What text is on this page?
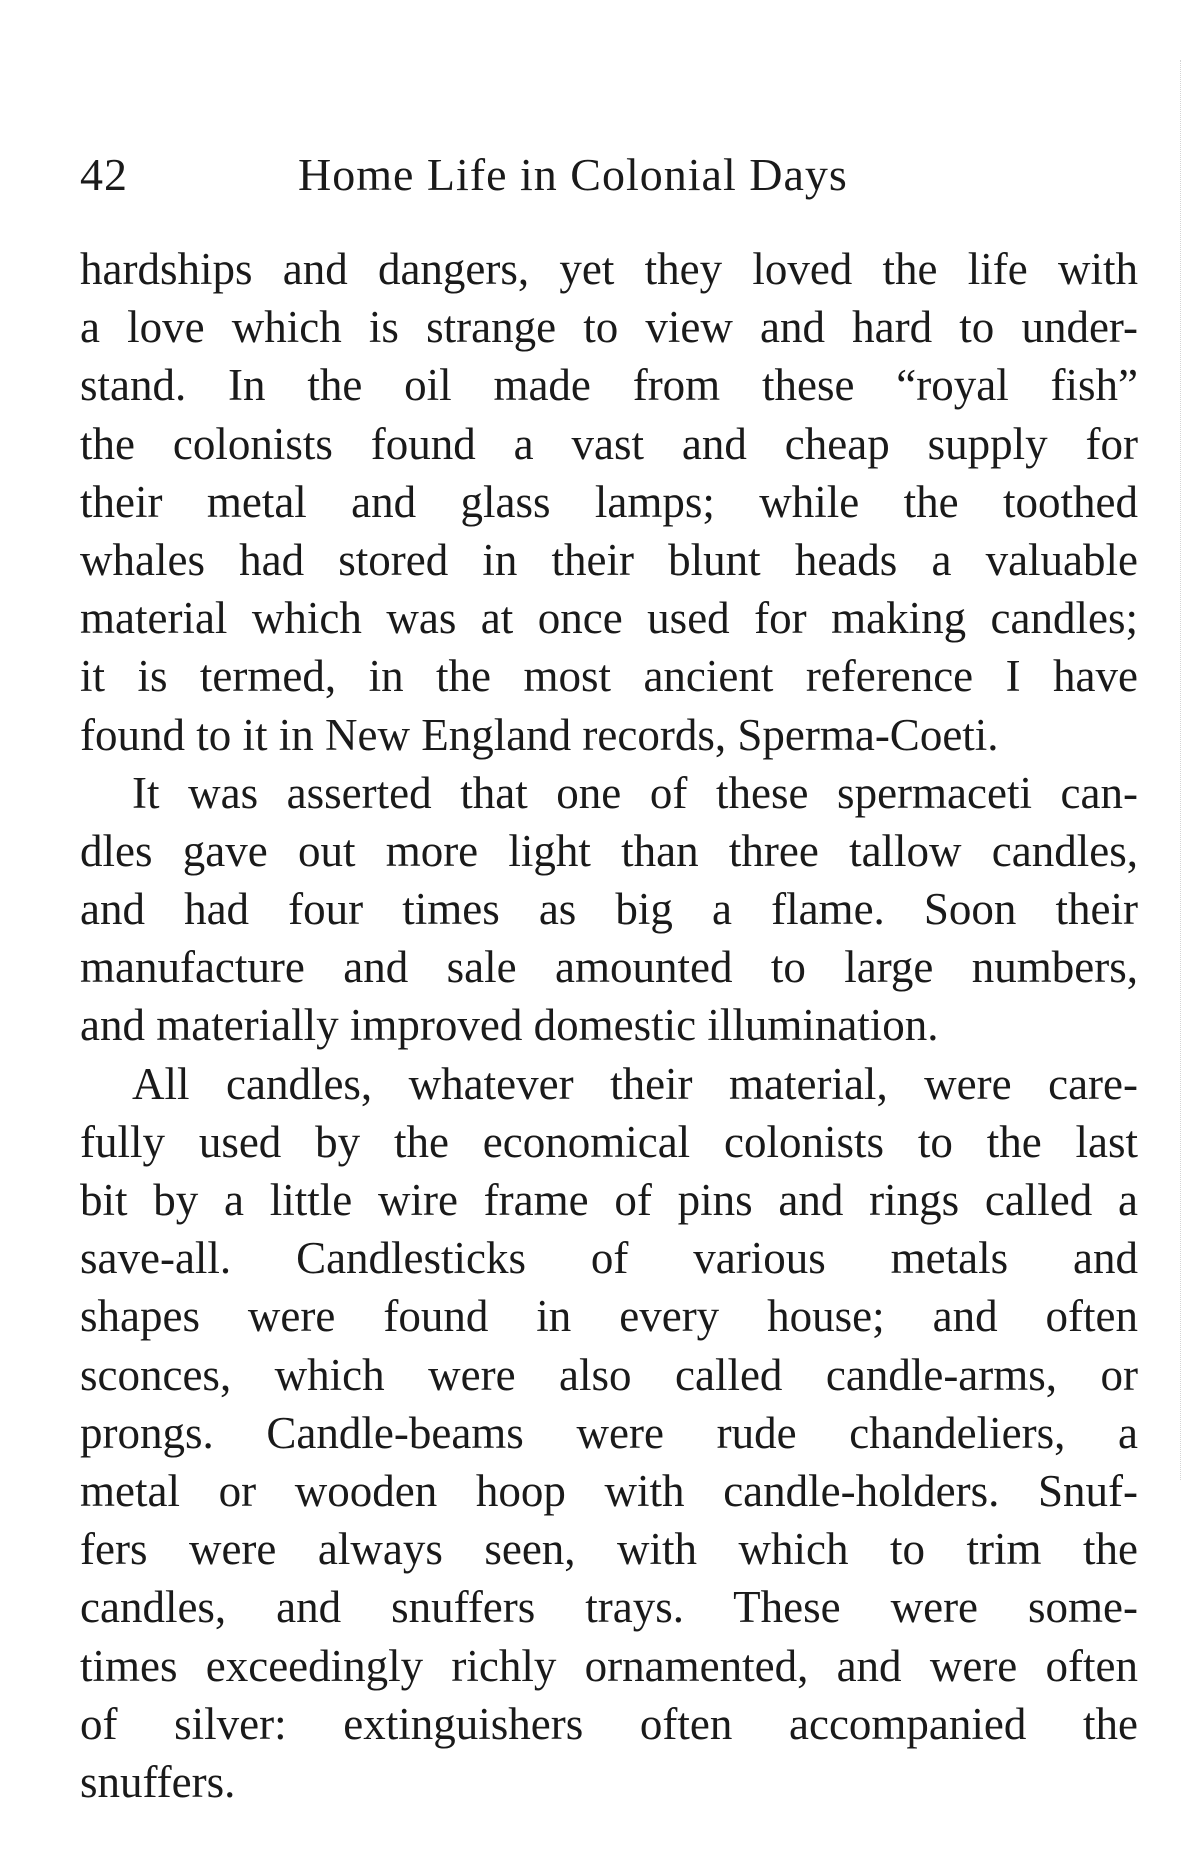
42	Home Life in Colonial Days
hardships and dangers, yet they loved the life with
a love which is strange to view and hard to under-
stand. In the oil made from these “royal fish”
the colonists found a vast and cheap supply for
their metal and glass lamps; while the toothed
whales had stored in their blunt heads a valuable
material which was at once used for making candles;
it is termed, in the most ancient reference I have
found to it in New England records, Sperma-Coeti.
It was asserted that one of these spermaceti can-
dles gave out more light than three tallow candles,
and had four times as big a flame. Soon their
manufacture and sale amounted to large numbers,
and materially improved domestic illumination.
All candles, whatever their material, were care-
fully used by the economical colonists to the last
bit by a little wire frame of pins and rings called a
save-all. Candlesticks of various metals and
shapes were found in every house; and often
sconces, which were also called candle-arms, or
prongs. Candle-beams were rude chandeliers, a
metal or wooden hoop with candle-holders. Snuf-
fers were always seen, with which to trim the
candles, and snuffers trays. These were some-
times exceedingly richly ornamented, and were often
of silver: extinguishers often accompanied the
snuffers.
